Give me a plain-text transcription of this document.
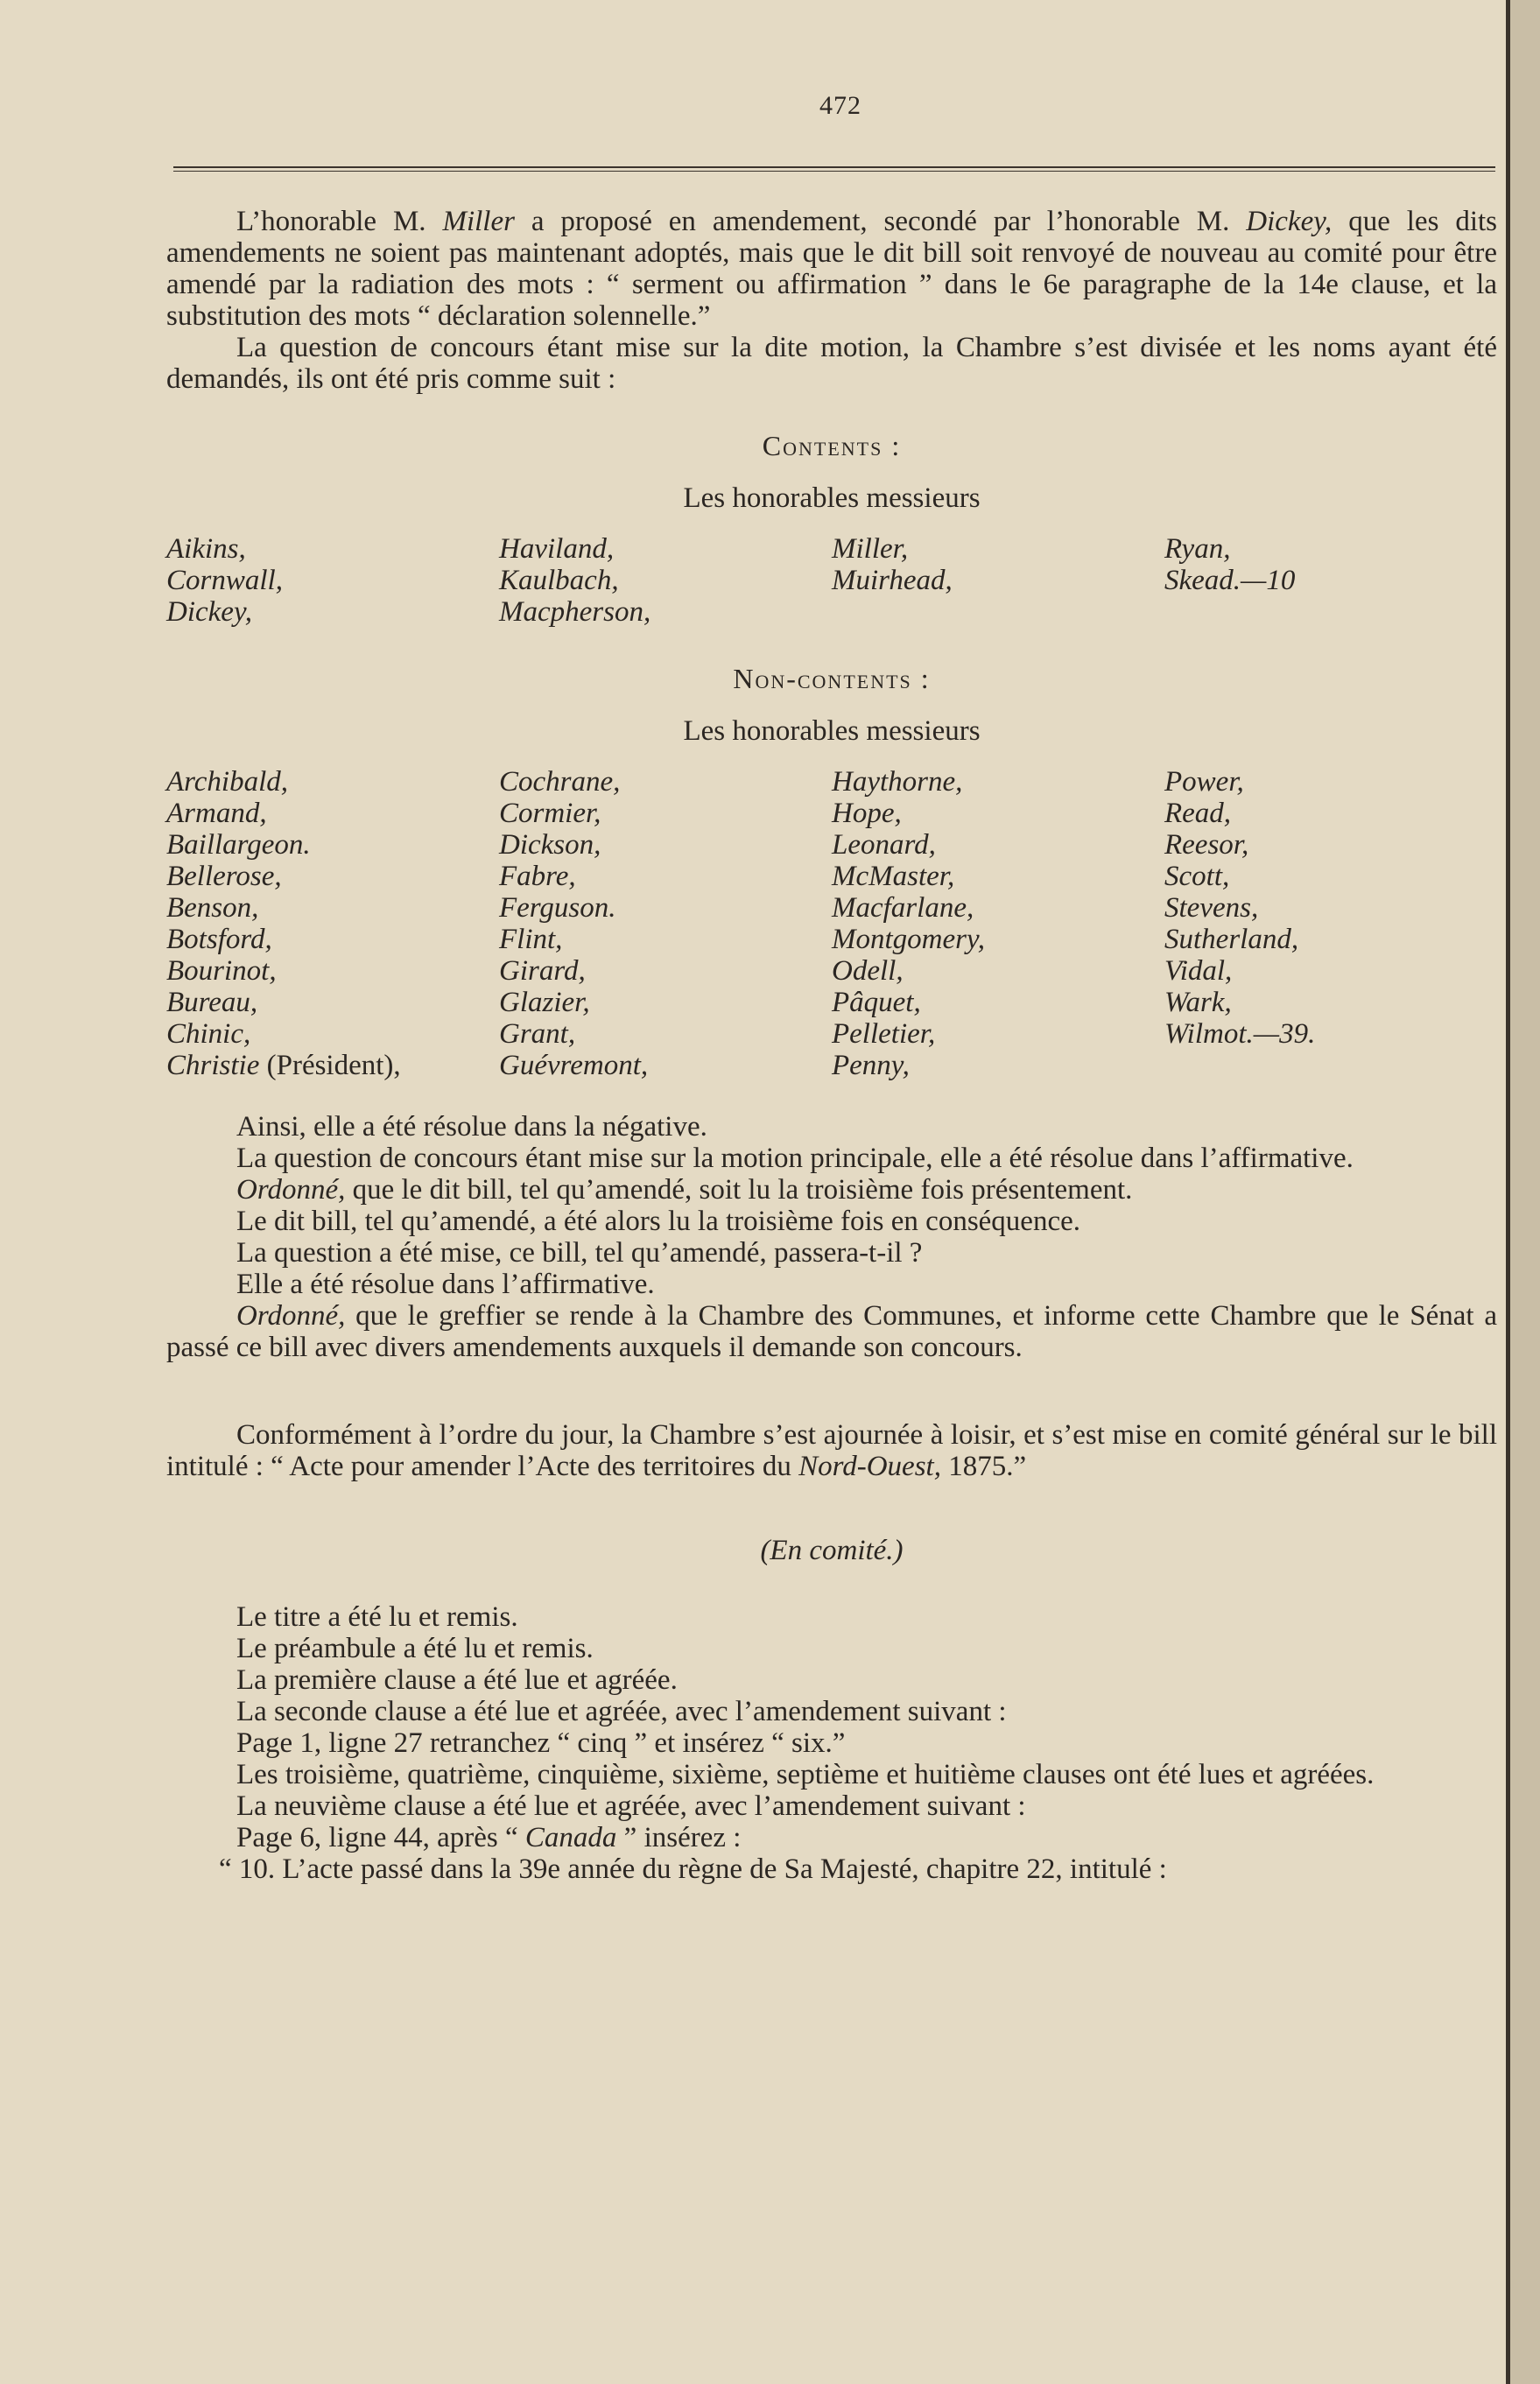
472

L’honorable M. Miller a proposé en amendement, secondé par l’honorable M. Dickey, que les dits amendements ne soient pas maintenant adoptés, mais que le dit bill soit renvoyé de nouveau au comité pour être amendé par la radiation des mots : “ serment ou affirmation ” dans le 6e paragraphe de la 14e clause, et la substitution des mots “ déclaration solennelle.”

La question de concours étant mise sur la dite motion, la Chambre s’est divisée et les noms ayant été demandés, ils ont été pris comme suit :

Contents :
Les honorables messieurs
Aikins,	Haviland,	Miller,	Ryan,
Cornwall,	Kaulbach,	Muirhead,	Skead.—10
Dickey,	Macpherson,		
Non-contents :
Les honorables messieurs
Archibald,	Cochrane,	Haythorne,	Power,
Armand,	Cormier,	Hope,	Read,
Baillargeon.	Dickson,	Leonard,	Reesor,
Bellerose,	Fabre,	McMaster,	Scott,
Benson,	Ferguson.	Macfarlane,	Stevens,
Botsford,	Flint,	Montgomery,	Sutherland,
Bourinot,	Girard,	Odell,	Vidal,
Bureau,	Glazier,	Pâquet,	Wark,
Chinic,	Grant,	Pelletier,	Wilmot.—39.
Christie (Président),	Guévremont,	Penny,	

Ainsi, elle a été résolue dans la négative.

La question de concours étant mise sur la motion principale, elle a été résolue dans l’affirmative.

Ordonné, que le dit bill, tel qu’amendé, soit lu la troisième fois présentement.

Le dit bill, tel qu’amendé, a été alors lu la troisième fois en conséquence.

La question a été mise, ce bill, tel qu’amendé, passera-t-il ?

Elle a été résolue dans l’affirmative.

Ordonné, que le greffier se rende à la Chambre des Communes, et informe cette Chambre que le Sénat a passé ce bill avec divers amendements auxquels il demande son concours.

Conformément à l’ordre du jour, la Chambre s’est ajournée à loisir, et s’est mise en comité général sur le bill intitulé : “ Acte pour amender l’Acte des territoires du Nord-Ouest, 1875.”

(En comité.)

Le titre a été lu et remis.

Le préambule a été lu et remis.

La première clause a été lue et agréée.

La seconde clause a été lue et agréée, avec l’amendement suivant :

Page 1, ligne 27 retranchez “ cinq ” et insérez “ six.”

Les troisième, quatrième, cinquième, sixième, septième et huitième clauses ont été lues et agréées.

La neuvième clause a été lue et agréée, avec l’amendement suivant :

Page 6, ligne 44, après “ Canada ” insérez :

“ 10. L’acte passé dans la 39e année du règne de Sa Majesté, chapitre 22, intitulé :
